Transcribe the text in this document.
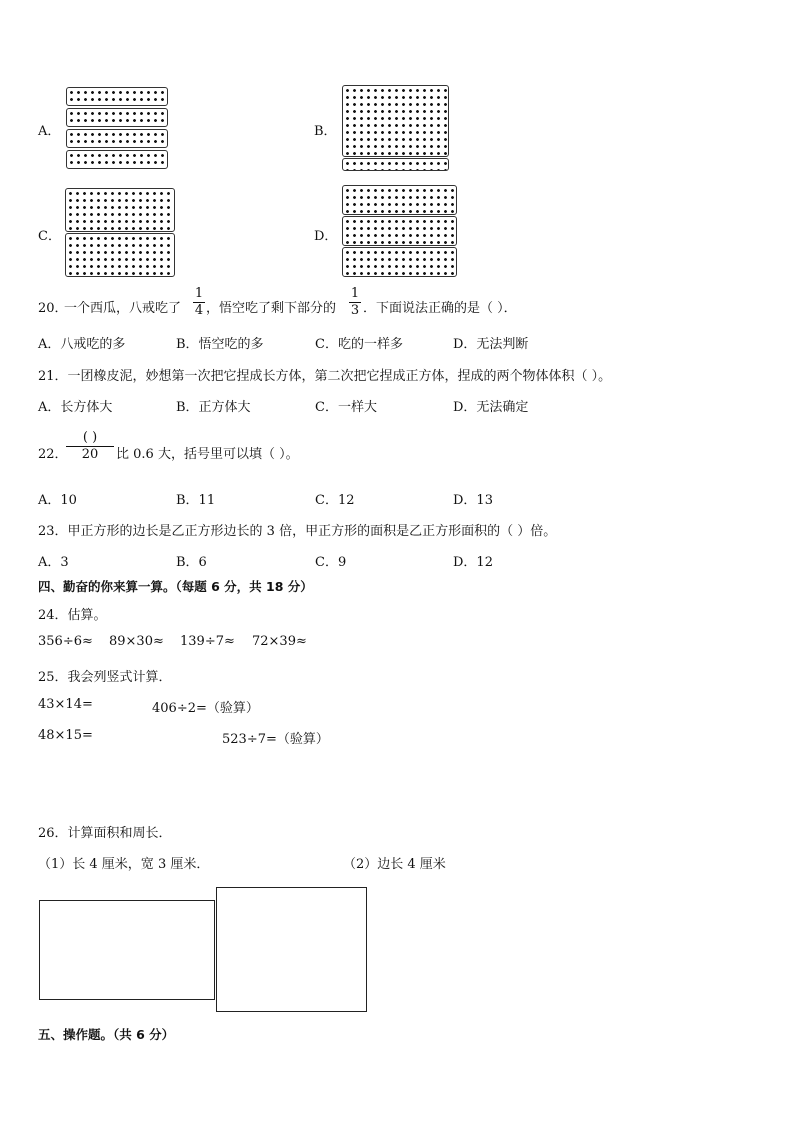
A．	B．
C．	D．
20．
一个西瓜，八戒吃了
1
4 ，悟空吃了剩下部分的
1
3 ．下面说法正确的是（ ）．
A．八戒吃的多	B．悟空吃的多	C．吃的一样多	D．无法判断
21．一团橡皮泥，妙想第一次把它捏成长方体，第二次把它捏成正方体，捏成的两个物体体积（ ）。
A．长方体大	B．正方体大	C．一样大	D．无法确定
22．
( )
20	比 0.6 大，括号里可以填（ ）。
A．10	B．11	C．12	D．13
23．甲正方形的边长是乙正方形边长的 3 倍，甲正方形的面积是乙正方形面积的（ ）倍。
A．3	B．6	C．9	D．12
四、勤奋的你来算一算。（每题 6 分，共 18 分）
24．估算。
356÷6≈ 89×30≈ 139÷7≈ 72×39≈
25．我会列竖式计算．
43×14=	406÷2=（验算）
48×15=	523÷7=（验算）
26．计算面积和周长．
（1）长 4 厘米，宽 3 厘米．	（2）边长 4 厘米
五、操作题。（共 6 分）
